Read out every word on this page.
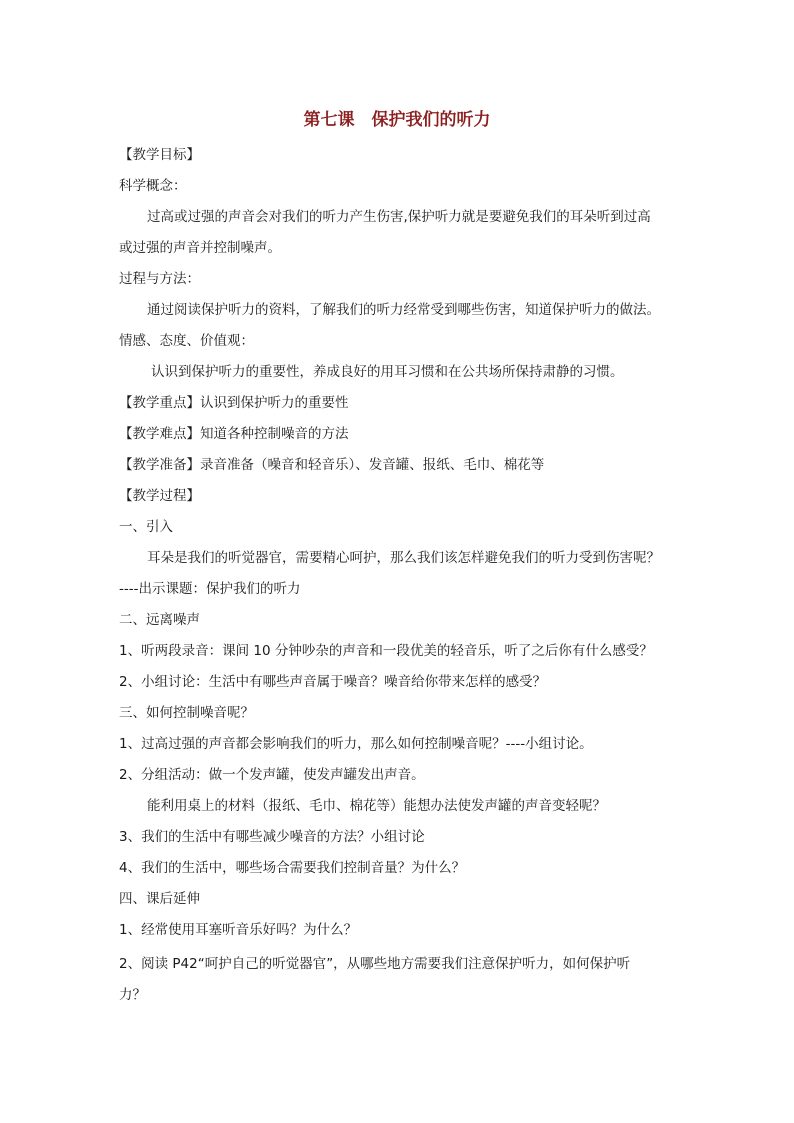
第七课　保护我们的听力
【教学目标】
科学概念：
过高或过强的声音会对我们的听力产生伤害,保护听力就是要避免我们的耳朵听到过高
或过强的声音并控制噪声。
过程与方法：
通过阅读保护听力的资料，了解我们的听力经常受到哪些伤害，知道保护听力的做法。
情感、态度、价值观：
认识到保护听力的重要性，养成良好的用耳习惯和在公共场所保持肃静的习惯。
【教学重点】认识到保护听力的重要性
【教学难点】知道各种控制噪音的方法
【教学准备】录音准备（噪音和轻音乐）、发音罐、报纸、毛巾、棉花等
【教学过程】
一、引入
耳朵是我们的听觉器官，需要精心呵护，那么我们该怎样避免我们的听力受到伤害呢？
----出示课题：保护我们的听力
二、远离噪声
1、听两段录音：课间 10 分钟吵杂的声音和一段优美的轻音乐，听了之后你有什么感受？
2、小组讨论：生活中有哪些声音属于噪音？噪音给你带来怎样的感受？
三、如何控制噪音呢？
1、过高过强的声音都会影响我们的听力，那么如何控制噪音呢？----小组讨论。
2、分组活动：做一个发声罐，使发声罐发出声音。
能利用桌上的材料（报纸、毛巾、棉花等）能想办法使发声罐的声音变轻呢？
3、我们的生活中有哪些减少噪音的方法？小组讨论
4、我们的生活中，哪些场合需要我们控制音量？为什么？
四、课后延伸
1、经常使用耳塞听音乐好吗？为什么？
2、阅读 P42“呵护自己的听觉器官”，从哪些地方需要我们注意保护听力，如何保护听
力？
